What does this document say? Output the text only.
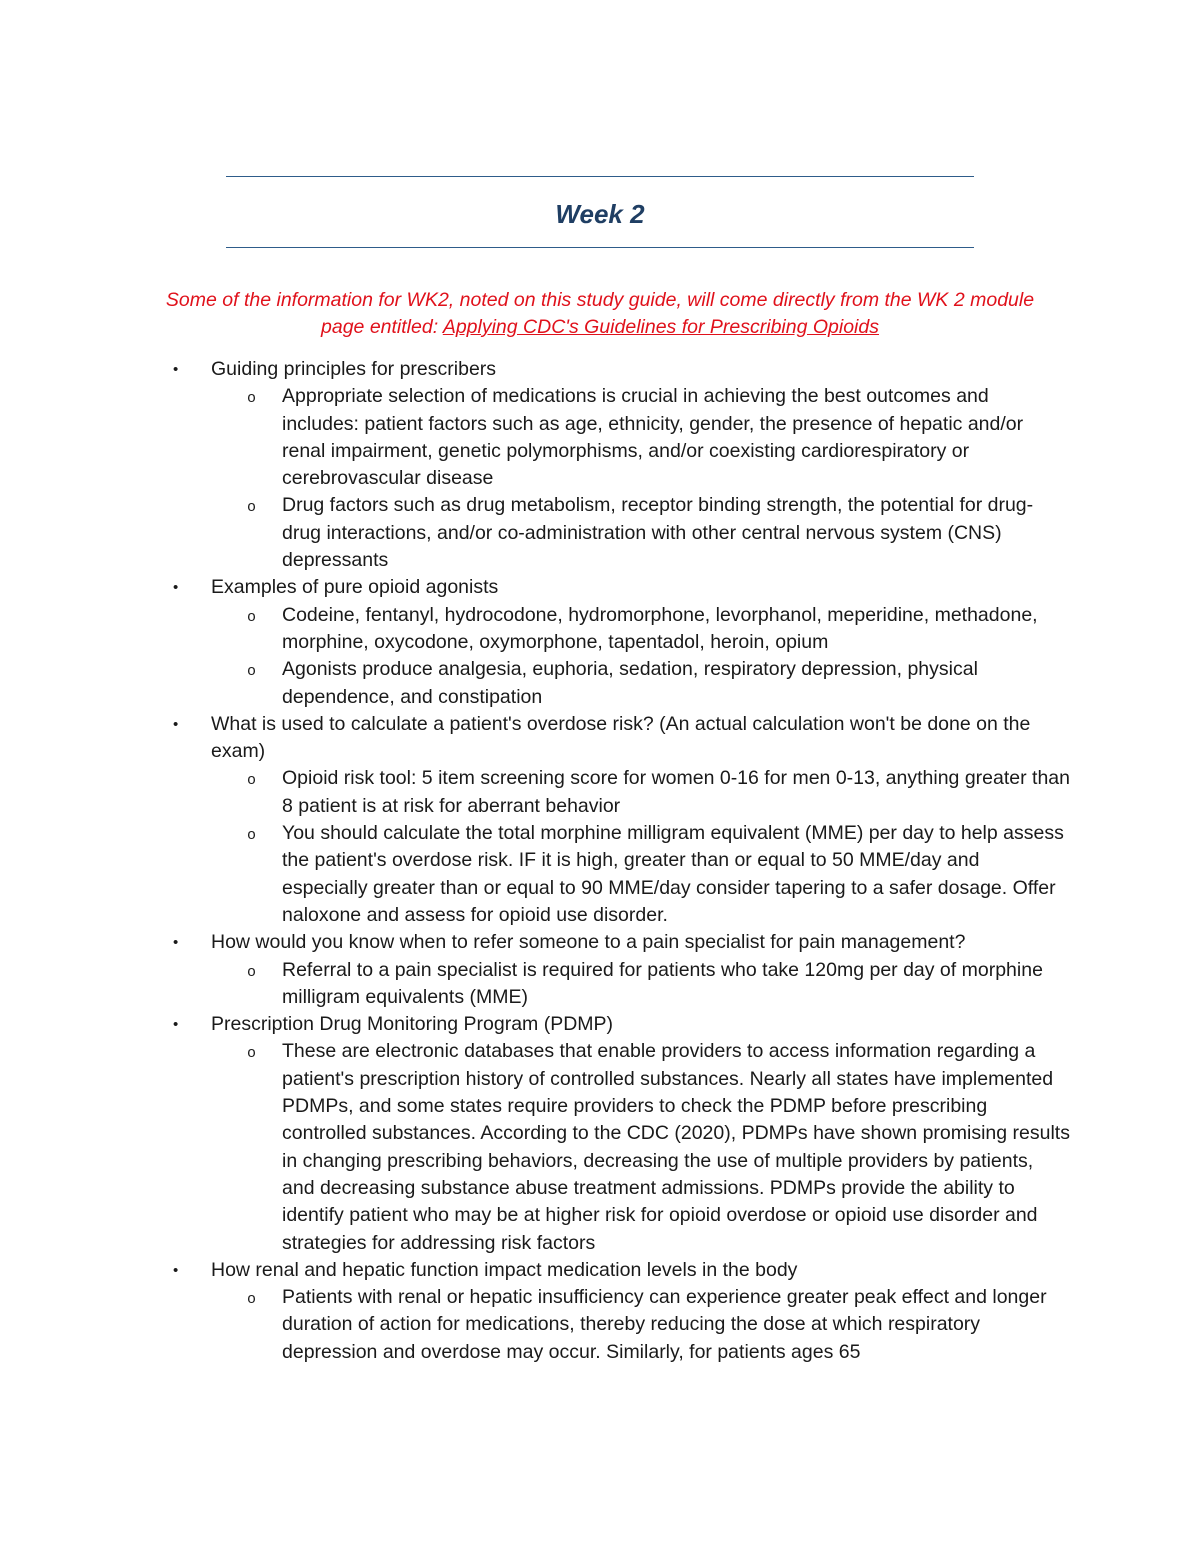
Week 2
Some of the information for WK2, noted on this study guide, will come directly from the WK 2 module page entitled: Applying CDC's Guidelines for Prescribing Opioids
• Guiding principles for prescribers
o Appropriate selection of medications is crucial in achieving the best outcomes and includes: patient factors such as age, ethnicity, gender, the presence of hepatic and/or renal impairment, genetic polymorphisms, and/or coexisting cardiorespiratory or cerebrovascular disease
o Drug factors such as drug metabolism, receptor binding strength, the potential for drug-drug interactions, and/or co-administration with other central nervous system (CNS) depressants
• Examples of pure opioid agonists
o Codeine, fentanyl, hydrocodone, hydromorphone, levorphanol, meperidine, methadone, morphine, oxycodone, oxymorphone, tapentadol, heroin, opium
o Agonists produce analgesia, euphoria, sedation, respiratory depression, physical dependence, and constipation
• What is used to calculate a patient's overdose risk? (An actual calculation won't be done on the exam)
o Opioid risk tool: 5 item screening score for women 0-16 for men 0-13, anything greater than 8 patient is at risk for aberrant behavior
o You should calculate the total morphine milligram equivalent (MME) per day to help assess the patient's overdose risk. IF it is high, greater than or equal to 50 MME/day and especially greater than or equal to 90 MME/day consider tapering to a safer dosage. Offer naloxone and assess for opioid use disorder.
• How would you know when to refer someone to a pain specialist for pain management?
o Referral to a pain specialist is required for patients who take 120mg per day of morphine milligram equivalents (MME)
• Prescription Drug Monitoring Program (PDMP)
o These are electronic databases that enable providers to access information regarding a patient's prescription history of controlled substances. Nearly all states have implemented PDMPs, and some states require providers to check the PDMP before prescribing controlled substances. According to the CDC (2020), PDMPs have shown promising results in changing prescribing behaviors, decreasing the use of multiple providers by patients, and decreasing substance abuse treatment admissions. PDMPs provide the ability to identify patient who may be at higher risk for opioid overdose or opioid use disorder and strategies for addressing risk factors
• How renal and hepatic function impact medication levels in the body
o Patients with renal or hepatic insufficiency can experience greater peak effect and longer duration of action for medications, thereby reducing the dose at which respiratory depression and overdose may occur. Similarly, for patients ages 65
